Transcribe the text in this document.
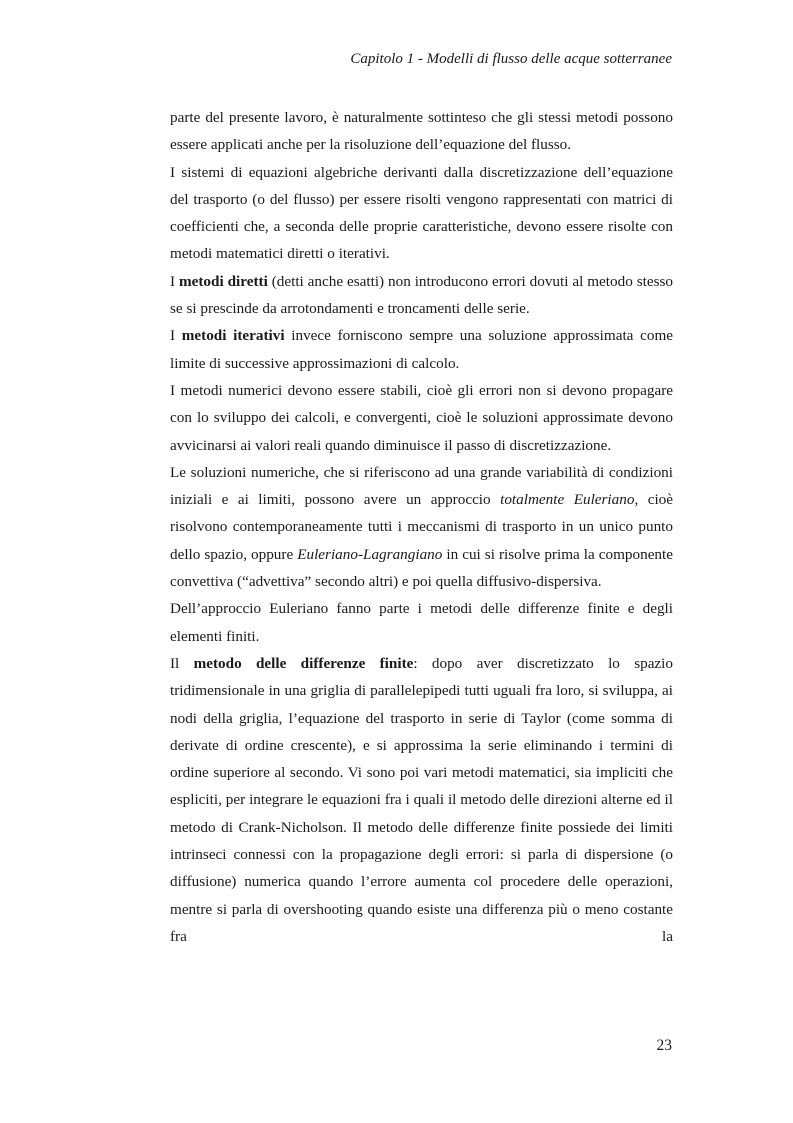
Capitolo 1 - Modelli di flusso delle acque sotterranee

parte del presente lavoro, è naturalmente sottinteso che gli stessi metodi possono essere applicati anche per la risoluzione dell’equazione del flusso.

I sistemi di equazioni algebriche derivanti dalla discretizzazione dell’equazione del trasporto (o del flusso) per essere risolti vengono rappresentati con matrici di coefficienti che, a seconda delle proprie caratteristiche, devono essere risolte con metodi matematici diretti o iterativi.

I metodi diretti (detti anche esatti) non introducono errori dovuti al metodo stesso se si prescinde da arrotondamenti e troncamenti delle serie.

I metodi iterativi invece forniscono sempre una soluzione approssimata come limite di successive approssimazioni di calcolo.

I metodi numerici devono essere stabili, cioè gli errori non si devono propagare con lo sviluppo dei calcoli, e convergenti, cioè le soluzioni approssimate devono avvicinarsi ai valori reali quando diminuisce il passo di discretizzazione.

Le soluzioni numeriche, che si riferiscono ad una grande variabilità di condizioni iniziali e ai limiti, possono avere un approccio totalmente Euleriano, cioè risolvono contemporaneamente tutti i meccanismi di trasporto in un unico punto dello spazio, oppure Euleriano-Lagrangiano in cui si risolve prima la componente convettiva (“advettiva” secondo altri) e poi quella diffusivo-dispersiva.

Dell’approccio Eulerianо fanno parte i metodi delle differenze finite e degli elementi finiti.

Il metodo delle differenze finite: dopo aver discretizzato lo spazio tridimensionale in una griglia di parallelepipedi tutti uguali fra loro, si sviluppa, ai nodi della griglia, l’equazione del trasporto in serie di Taylor (come somma di derivate di ordine crescente), e si approssima la serie eliminando i termini di ordine superiore al secondo. Vi sono poi vari metodi matematici, sia impliciti che espliciti, per integrare le equazioni fra i quali il metodo delle direzioni alterne ed il metodo di Crank-Nicholson. Il metodo delle differenze finite possiede dei limiti intrinseci connessi con la propagazione degli errori: si parla di dispersione (o diffusione) numerica quando l’errore aumenta col procedere delle operazioni, mentre si parla di overshooting quando esiste una differenza più o meno costante fra la

23
